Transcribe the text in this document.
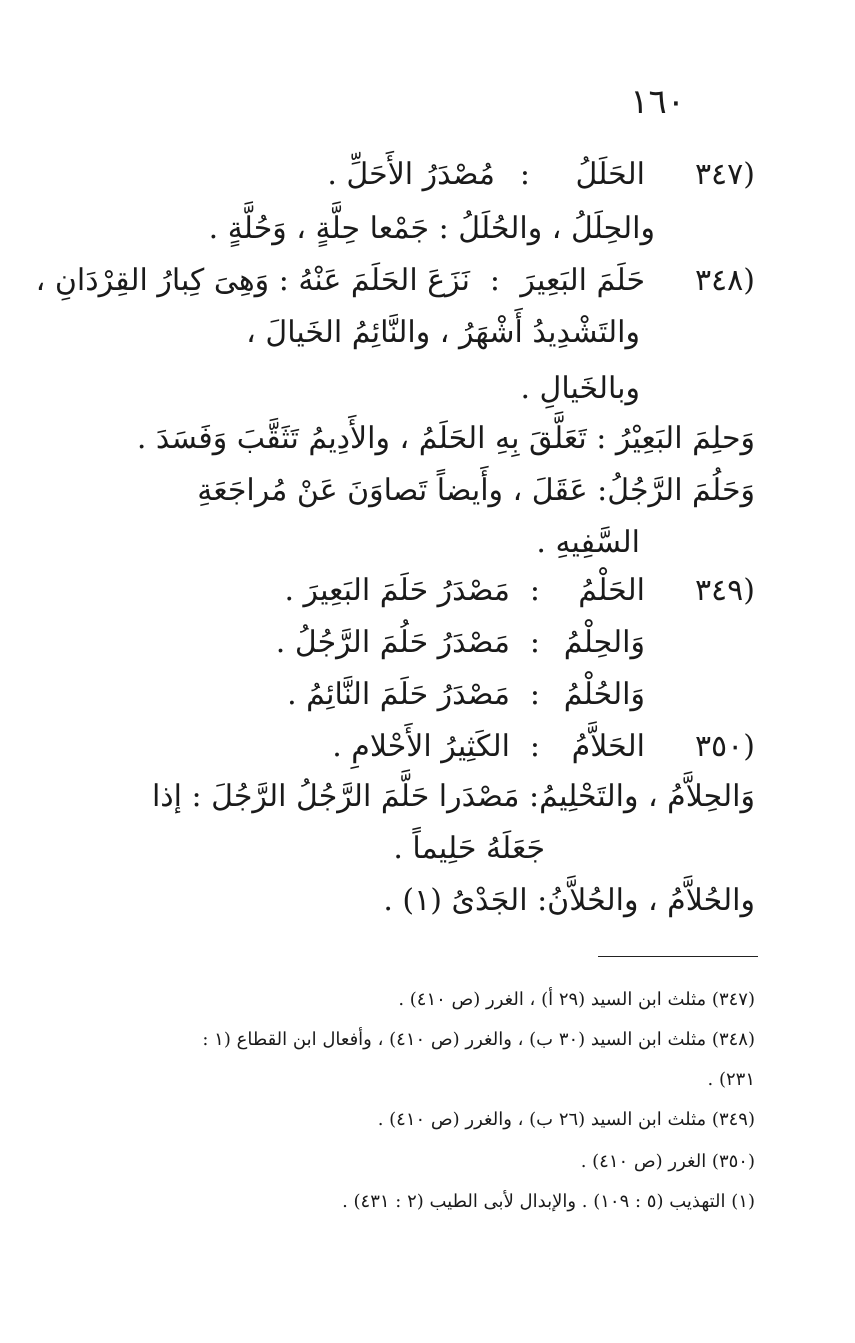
١٦٠
(٣٤٧
الحَلَلُ
:
مُصْدَرُ الأَحَلِّ .
والحِلَلُ ، والحُلَلُ : جَمْعا حِلَّةٍ ، وَحُلَّةٍ .
(٣٤٨
حَلَمَ البَعِيرَ
:
نَزَعَ الحَلَمَ عَنْهُ : وَهِىَ كِبارُ القِرْدَانِ ،
والتَشْدِيدُ أَشْهَرُ ، والنَّائِمُ الخَيالَ ،
وبالخَيالِ .
وَحلِمَ البَعِيْرُ : تَعَلَّقَ بِهِ الحَلَمُ ، والأَدِيمُ تَثَقَّبَ وَفَسَدَ .
وَحَلُمَ الرَّجُلُ: عَقَلَ ، وأَيضاً تَصاوَنَ عَنْ مُراجَعَةِ
السَّفِيهِ .
(٣٤٩
الحَلْمُ
:
مَصْدَرُ حَلَمَ البَعِيرَ .
وَالحِلْمُ
:
مَصْدَرُ حَلُمَ الرَّجُلُ .
وَالحُلْمُ
:
مَصْدَرُ حَلَمَ النَّائِمُ .
(٣٥٠
الحَلاَّمُ
:
الكَثِيرُ الأَحْلامِ .
وَالحِلاَّمُ ، والتَحْلِيمُ: مَصْدَرا حَلَّمَ الرَّجُلُ الرَّجُلَ : إذا
جَعَلَهُ حَلِيماً .
والحُلاَّمُ ، والحُلاَّنُ: الجَدْىُ (١) .
(٣٤٧) مثلث ابن السيد (٢٩ أ) ، الغرر (ص ٤١٠) .
(٣٤٨) مثلث ابن السيد (٣٠ ب) ، والغرر (ص ٤١٠) ، وأفعال ابن القطاع (١ :
٢٣١) .
(٣٤٩) مثلث ابن السيد (٢٦ ب) ، والغرر (ص ٤١٠) .
(٣٥٠) الغرر (ص ٤١٠) .
(١) التهذيب (٥ : ١٠٩) . والإبدال لأبى الطيب (٢ : ٤٣١) .
